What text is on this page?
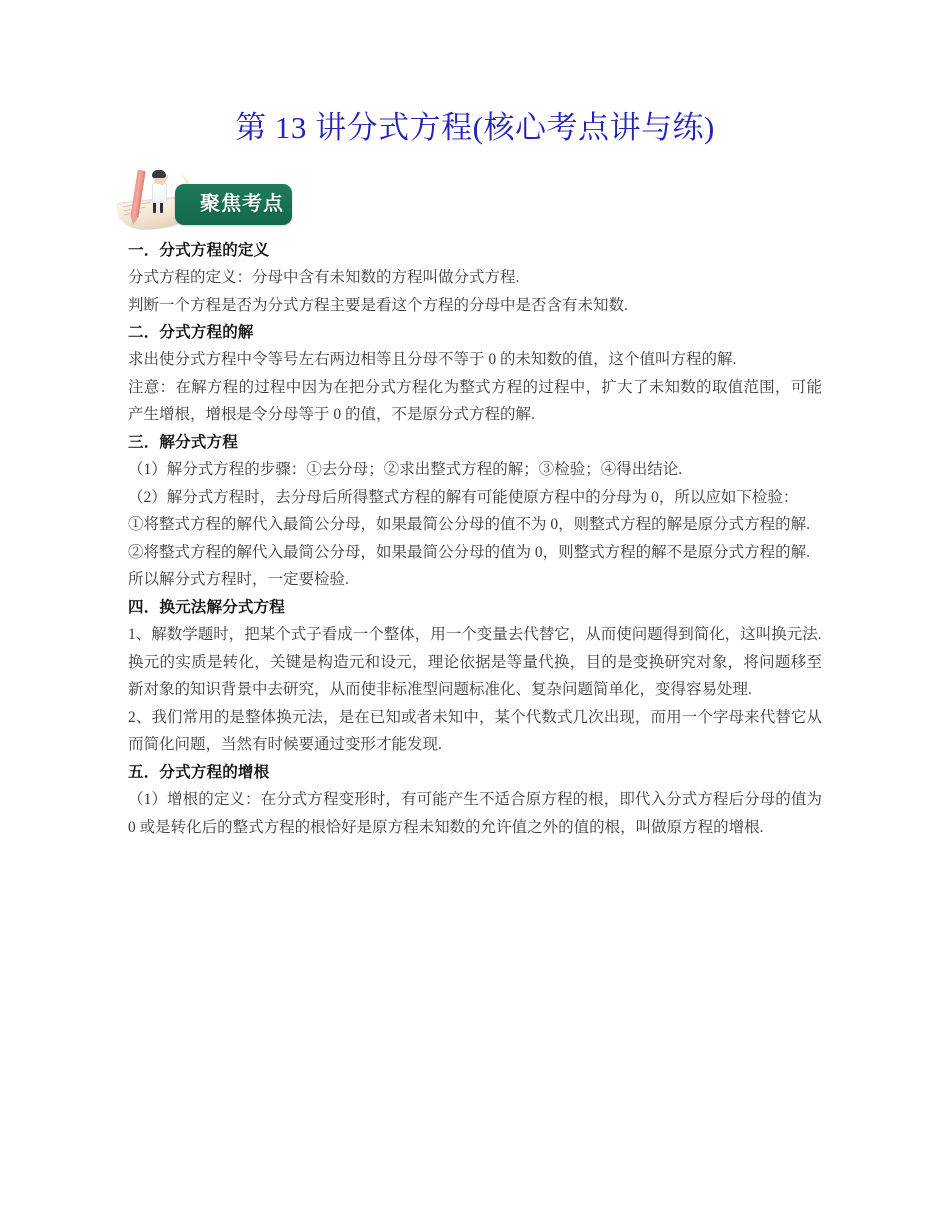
第 13 讲分式方程(核心考点讲与练)
聚焦考点

一．分式方程的定义

分式方程的定义：分母中含有未知数的方程叫做分式方程.

判断一个方程是否为分式方程主要是看这个方程的分母中是否含有未知数.

二．分式方程的解

求出使分式方程中令等号左右两边相等且分母不等于 0 的未知数的值，这个值叫方程的解.

注意：在解方程的过程中因为在把分式方程化为整式方程的过程中，扩大了未知数的取值范围，可能产生增根，增根是令分母等于 0 的值，不是原分式方程的解.

三．解分式方程

（1）解分式方程的步骤：①去分母；②求出整式方程的解；③检验；④得出结论.

（2）解分式方程时，去分母后所得整式方程的解有可能使原方程中的分母为 0，所以应如下检验：

①将整式方程的解代入最简公分母，如果最简公分母的值不为 0，则整式方程的解是原分式方程的解.

②将整式方程的解代入最简公分母，如果最简公分母的值为 0，则整式方程的解不是原分式方程的解.

所以解分式方程时，一定要检验.

四．换元法解分式方程

1、解数学题时，把某个式子看成一个整体，用一个变量去代替它，从而使问题得到简化，这叫换元法.

换元的实质是转化，关键是构造元和设元，理论依据是等量代换，目的是变换研究对象，将问题移至新对象的知识背景中去研究，从而使非标准型问题标准化、复杂问题简单化，变得容易处理.

2、我们常用的是整体换元法，是在已知或者未知中，某个代数式几次出现，而用一个字母来代替它从而简化问题，当然有时候要通过变形才能发现.

五．分式方程的增根

（1）增根的定义：在分式方程变形时，有可能产生不适合原方程的根，即代入分式方程后分母的值为 0 或是转化后的整式方程的根恰好是原方程未知数的允许值之外的值的根，叫做原方程的增根.
